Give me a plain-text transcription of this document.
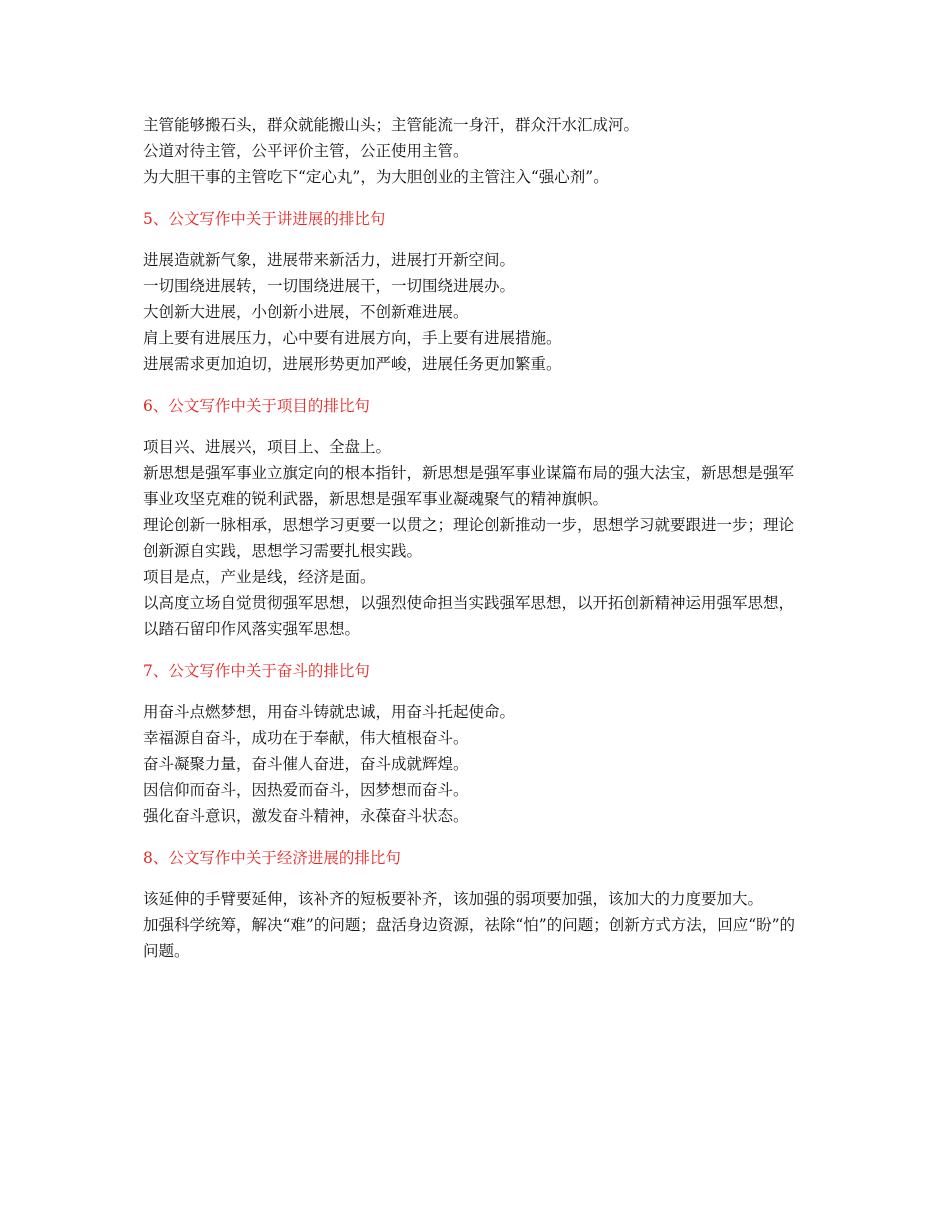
主管能够搬石头，群众就能搬山头；主管能流一身汗，群众汗水汇成河。

公道对待主管，公平评价主管，公正使用主管。

为大胆干事的主管吃下“定心丸”，为大胆创业的主管注入“强心剂”。

5、公文写作中关于讲进展的排比句

进展造就新气象，进展带来新活力，进展打开新空间。

一切围绕进展转，一切围绕进展干，一切围绕进展办。

大创新大进展，小创新小进展，不创新难进展。

肩上要有进展压力，心中要有进展方向，手上要有进展措施。

进展需求更加迫切，进展形势更加严峻，进展任务更加繁重。

6、公文写作中关于项目的排比句

项目兴、进展兴，项目上、全盘上。

新思想是强军事业立旗定向的根本指针，新思想是强军事业谋篇布局的强大法宝，新思想是强军事业攻坚克难的锐利武器，新思想是强军事业凝魂聚气的精神旗帜。

理论创新一脉相承，思想学习更要一以贯之；理论创新推动一步，思想学习就要跟进一步；理论创新源自实践，思想学习需要扎根实践。

项目是点，产业是线，经济是面。

以高度立场自觉贯彻强军思想，以强烈使命担当实践强军思想，以开拓创新精神运用强军思想，以踏石留印作风落实强军思想。

7、公文写作中关于奋斗的排比句

用奋斗点燃梦想，用奋斗铸就忠诚，用奋斗托起使命。

幸福源自奋斗，成功在于奉献，伟大植根奋斗。

奋斗凝聚力量，奋斗催人奋进，奋斗成就辉煌。

因信仰而奋斗，因热爱而奋斗，因梦想而奋斗。

强化奋斗意识，激发奋斗精神，永葆奋斗状态。

8、公文写作中关于经济进展的排比句

该延伸的手臂要延伸，该补齐的短板要补齐，该加强的弱项要加强，该加大的力度要加大。

加强科学统筹，解决“难”的问题；盘活身边资源，祛除“怕”的问题；创新方式方法，回应“盼”的问题。
